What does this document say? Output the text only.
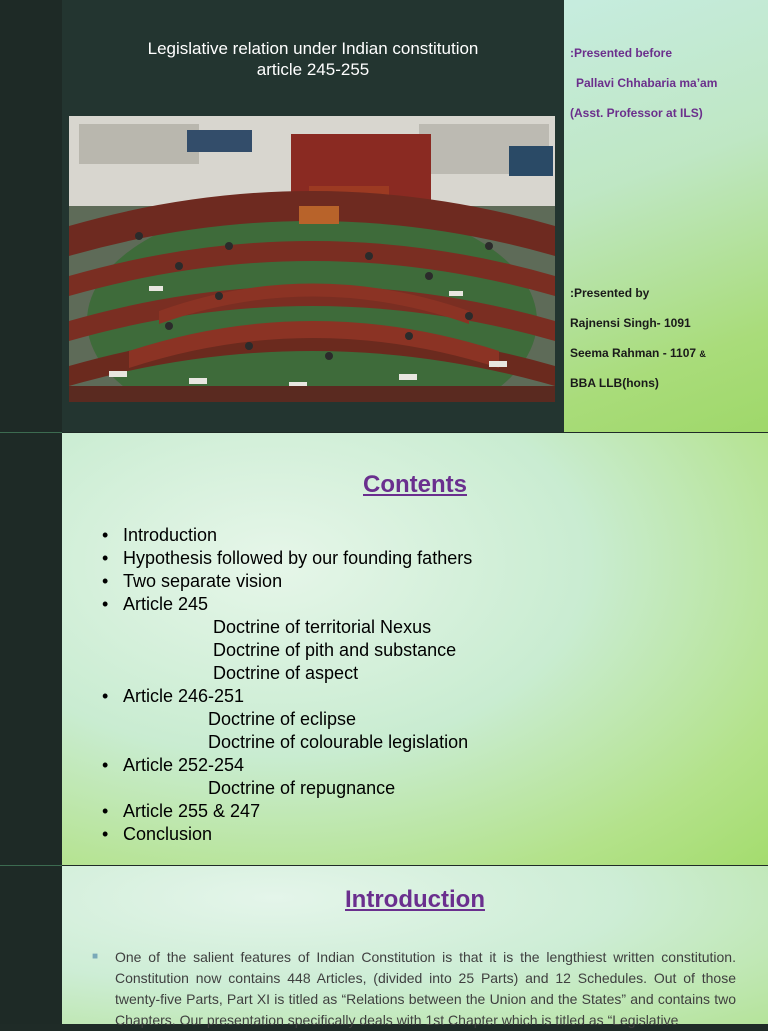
Legislative relation under Indian constitution
article 245-255
:Presented before
Pallavi Chhabaria ma’am
(Asst. Professor at ILS)
:Presented by
Rajnensi Singh- 1091
Seema Rahman - 1107 &
BBA LLB(hons)
Contents
• Introduction
• Hypothesis followed by our founding fathers
• Two separate vision
• Article 245
Doctrine of territorial Nexus
Doctrine of pith and substance
Doctrine of aspect
• Article 246-251
Doctrine of eclipse
Doctrine of colourable legislation
• Article 252-254
Doctrine of repugnance
• Article 255 & 247
• Conclusion
Introduction
■ One of the salient features of Indian Constitution is that it is the lengthiest written constitution. Constitution now contains 448 Articles, (divided into 25 Parts) and 12 Schedules. Out of those twenty-five Parts, Part XI is titled as “Relations between the Union and the States” and contains two Chapters. Our presentation specifically deals with 1st Chapter which is titled as “Legislative
